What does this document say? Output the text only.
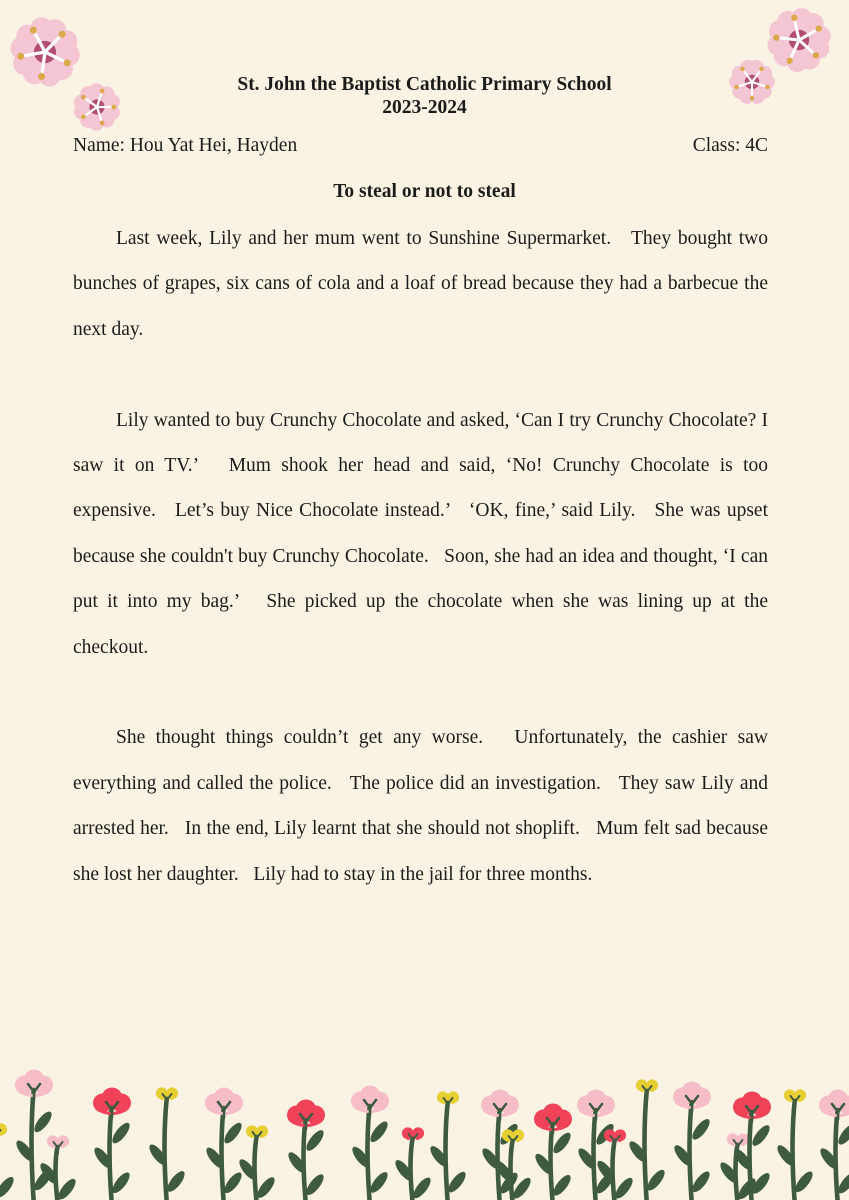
St. John the Baptist Catholic Primary School
2023-2024
Name: Hou Yat Hei, Hayden	Class: 4C
To steal or not to steal

Last week, Lily and her mum went to Sunshine Supermarket.   They bought two bunches of grapes, six cans of cola and a loaf of bread because they had a barbecue the next day.

Lily wanted to buy Crunchy Chocolate and asked, ‘Can I try Crunchy Chocolate? I saw it on TV.’   Mum shook her head and said, ‘No! Crunchy Chocolate is too expensive.   Let’s buy Nice Chocolate instead.’   ‘OK, fine,’ said Lily.   She was upset because she couldn't buy Crunchy Chocolate.   Soon, she had an idea and thought, ‘I can put it into my bag.’   She picked up the chocolate when she was lining up at the checkout.

She thought things couldn’t get any worse.   Unfortunately, the cashier saw everything and called the police.   The police did an investigation.   They saw Lily and arrested her.   In the end, Lily learnt that she should not shoplift.   Mum felt sad because she lost her daughter.   Lily had to stay in the jail for three months.
